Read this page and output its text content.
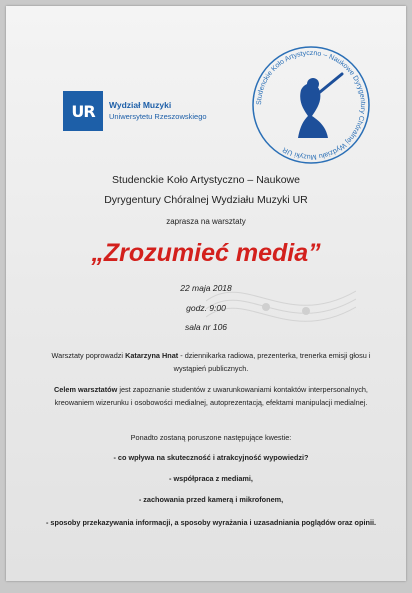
UR	Wydział Muzyki
Uniwersytetu Rzeszowskiego
Studenckie Koło Artystyczno – Naukowe Dyrygentury Chóralnej Wydziału Muzyki UR
Studenckie Koło Artystyczno – Naukowe
Dyrygentury Chóralnej Wydziału Muzyki UR
zaprasza na warsztaty
„Zrozumieć media”
22 maja 2018
godz. 9:00
sala nr 106
Warsztaty poprowadzi Katarzyna Hnat - dziennikarka radiowa, prezenterka, trenerka emisji głosu i wystąpień publicznych.
Celem warsztatów jest zapoznanie studentów z uwarunkowaniami kontaktów interpersonalnych, kreowaniem wizerunku i osobowości medialnej, autoprezentacją, efektami manipulacji medialnej.
Ponadto zostaną poruszone następujące kwestie:
- co wpływa na skuteczność i atrakcyjność wypowiedzi?
- współpraca z mediami,
- zachowania przed kamerą i mikrofonem,
- sposoby przekazywania informacji, a sposoby wyrażania i uzasadniania poglądów oraz opinii.
